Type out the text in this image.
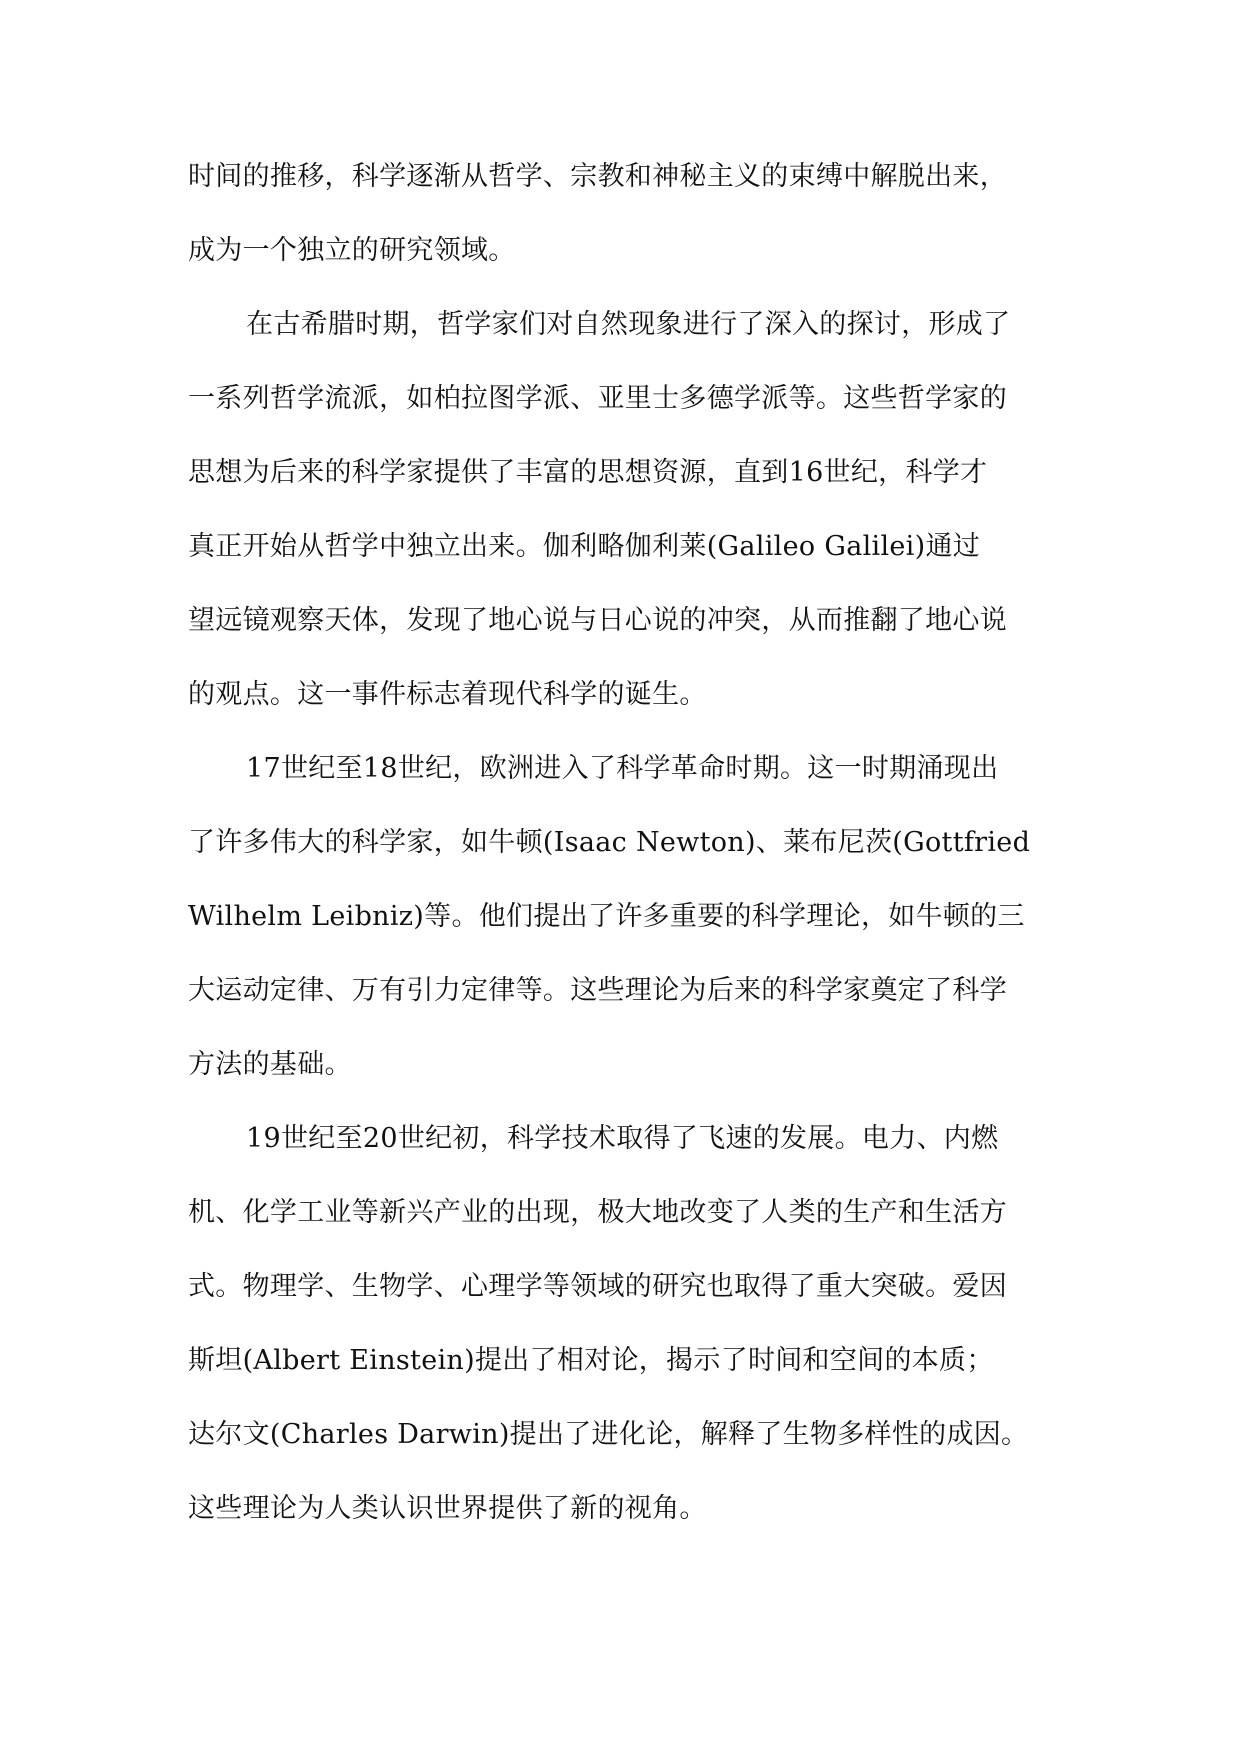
时间的推移，科学逐渐从哲学、宗教和神秘主义的束缚中解脱出来，
成为一个独立的研究领域。
在古希腊时期，哲学家们对自然现象进行了深入的探讨，形成了
一系列哲学流派，如柏拉图学派、亚里士多德学派等。这些哲学家的
思想为后来的科学家提供了丰富的思想资源，直到16世纪，科学才
真正开始从哲学中独立出来。伽利略伽利莱(Galileo Galilei)通过
望远镜观察天体，发现了地心说与日心说的冲突，从而推翻了地心说
的观点。这一事件标志着现代科学的诞生。
17世纪至18世纪，欧洲进入了科学革命时期。这一时期涌现出
了许多伟大的科学家，如牛顿(Isaac Newton)、莱布尼茨(Gottfried
Wilhelm Leibniz)等。他们提出了许多重要的科学理论，如牛顿的三
大运动定律、万有引力定律等。这些理论为后来的科学家奠定了科学
方法的基础。
19世纪至20世纪初，科学技术取得了飞速的发展。电力、内燃
机、化学工业等新兴产业的出现，极大地改变了人类的生产和生活方
式。物理学、生物学、心理学等领域的研究也取得了重大突破。爱因
斯坦(Albert Einstein)提出了相对论，揭示了时间和空间的本质；
达尔文(Charles Darwin)提出了进化论，解释了生物多样性的成因。
这些理论为人类认识世界提供了新的视角。
